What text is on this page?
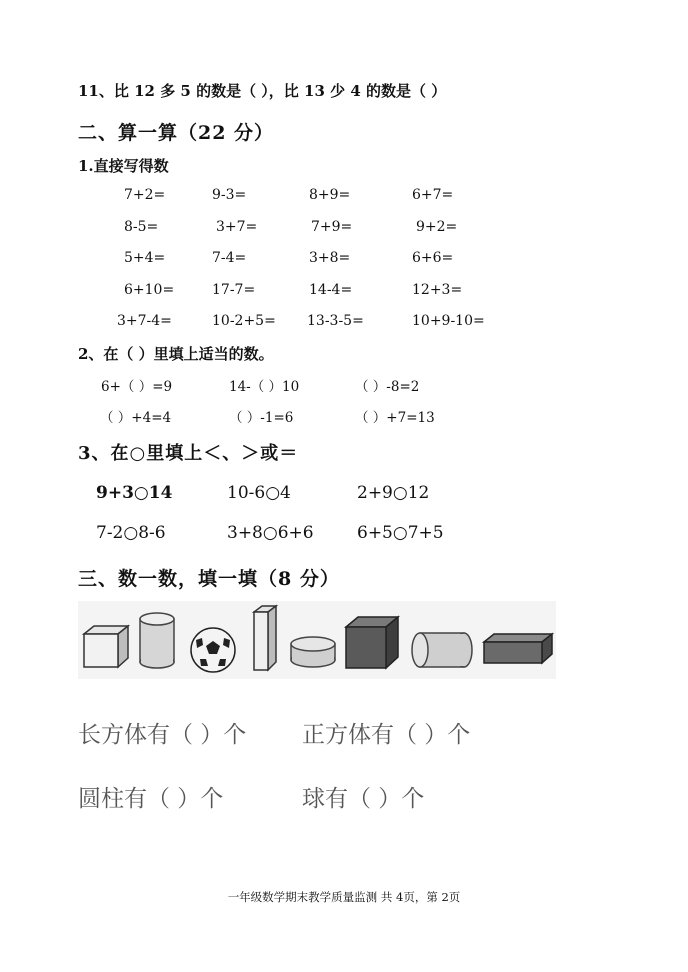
11、比 12 多 5 的数是（ ），比 13 少 4 的数是（ ）
二、算一算（22 分）
1.直接写得数
7+2=	9-3=	8+9=	6+7=
8-5=	3+7=	7+9=	9+2=
5+4=	7-4=	3+8=	6+6=
6+10=	17-7=	14-4=	12+3=
3+7-4=	10-2+5= 13-3-5=	10+9-10=
2、在（ ）里填上适当的数。
6+（ ）=9	14-（ ）10	（ ）-8=2
（ ）+4=4	（ ）-1=6	（ ）+7=13
3、在○里填上＜、＞或＝
9+3○14	10-6○4	2+9○12
7-2○8-6	3+8○6+6	6+5○7+5
三、数一数，填一填（8 分）
长方体有（ ）个 正方体有（ ）个
圆柱有（ ）个	球有（ ）个
一年级数学期末教学质量监测 共 4页，第 2页
